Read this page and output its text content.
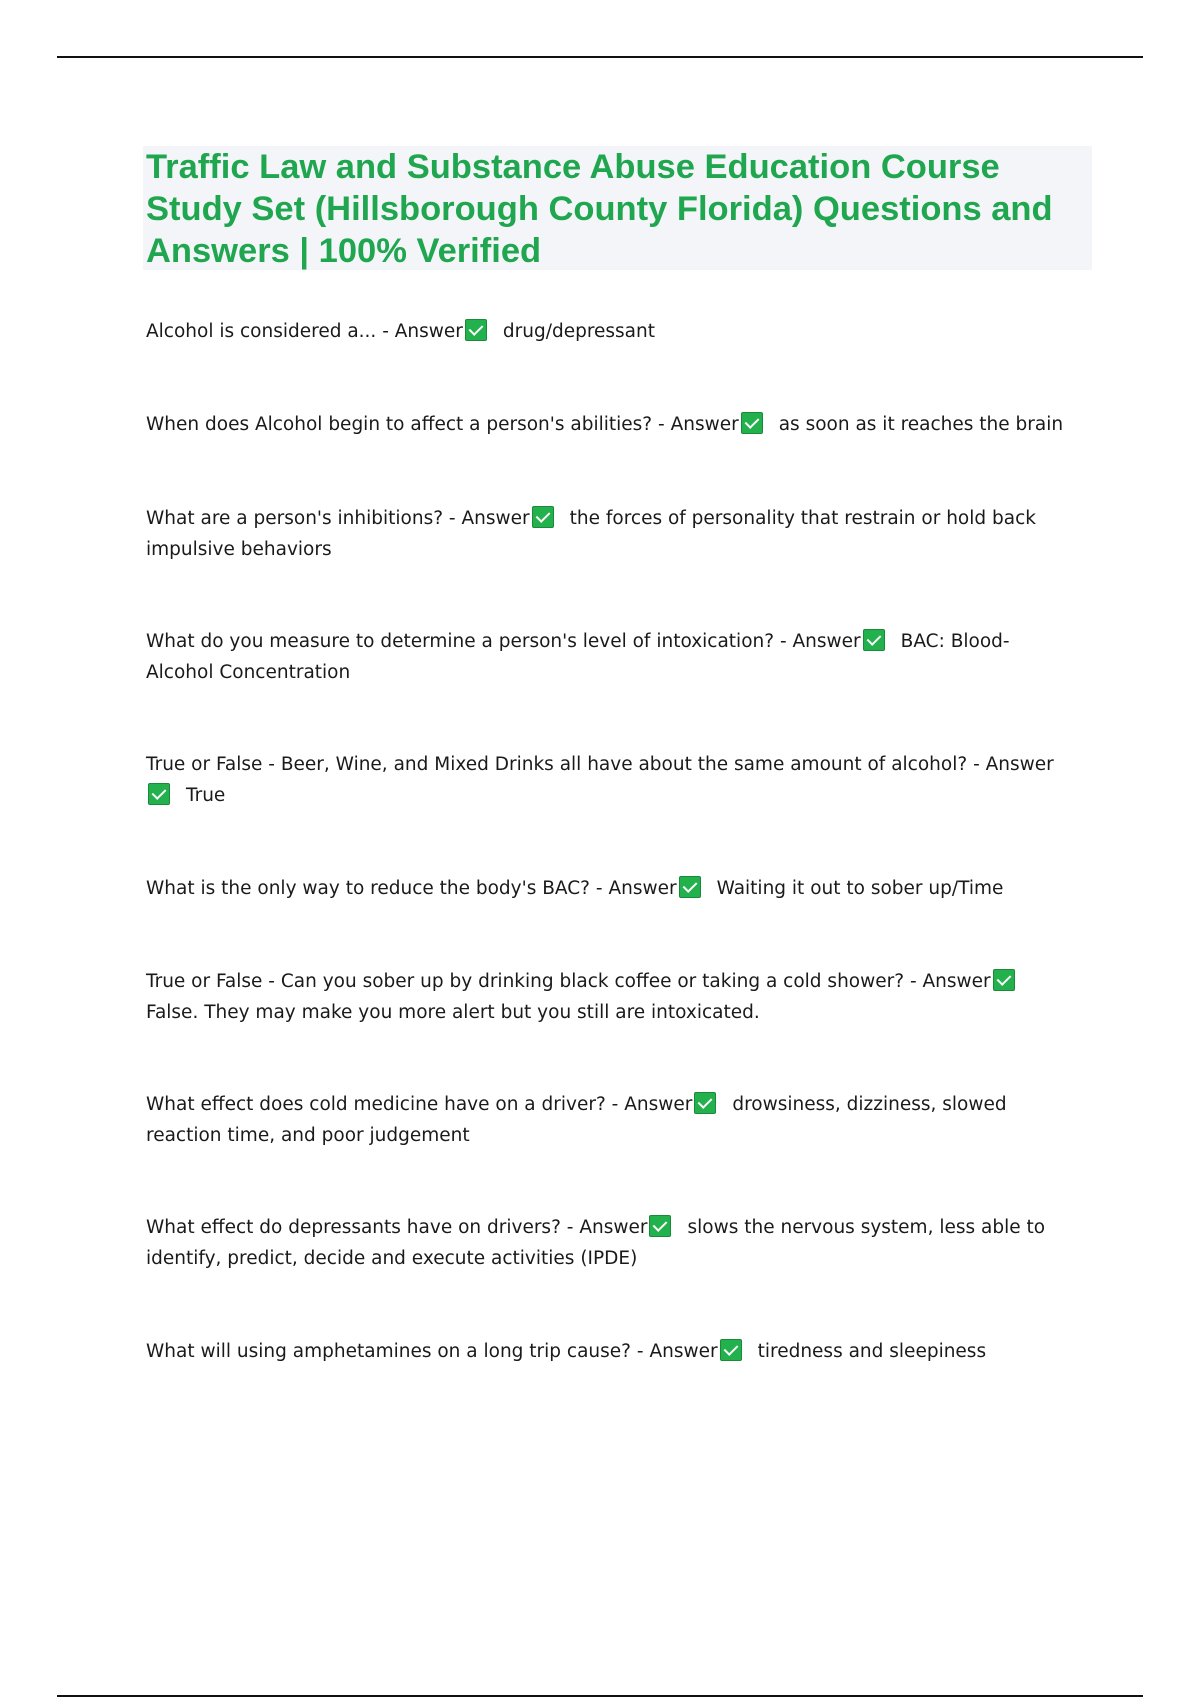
Traffic Law and Substance Abuse Education Course Study Set (Hillsborough County Florida) Questions and Answers | 100% Verified
Alcohol is considered a... - Answer drug/depressant
When does Alcohol begin to affect a person's abilities? - Answer as soon as it reaches the brain
What are a person's inhibitions? - Answer the forces of personality that restrain or hold back impulsive behaviors
What do you measure to determine a person's level of intoxication? - Answer BAC: Blood-Alcohol Concentration
True or False - Beer, Wine, and Mixed Drinks all have about the same amount of alcohol? - AnswerTrue
What is the only way to reduce the body's BAC? - Answer Waiting it out to sober up/Time
True or False - Can you sober up by drinking black coffee or taking a cold shower? - AnswerFalse. They may make you more alert but you still are intoxicated.
What effect does cold medicine have on a driver? - Answer drowsiness, dizziness, slowed reaction time, and poor judgement
What effect do depressants have on drivers? - Answer slows the nervous system, less able to identify, predict, decide and execute activities (IPDE)
What will using amphetamines on a long trip cause? - Answer tiredness and sleepiness
